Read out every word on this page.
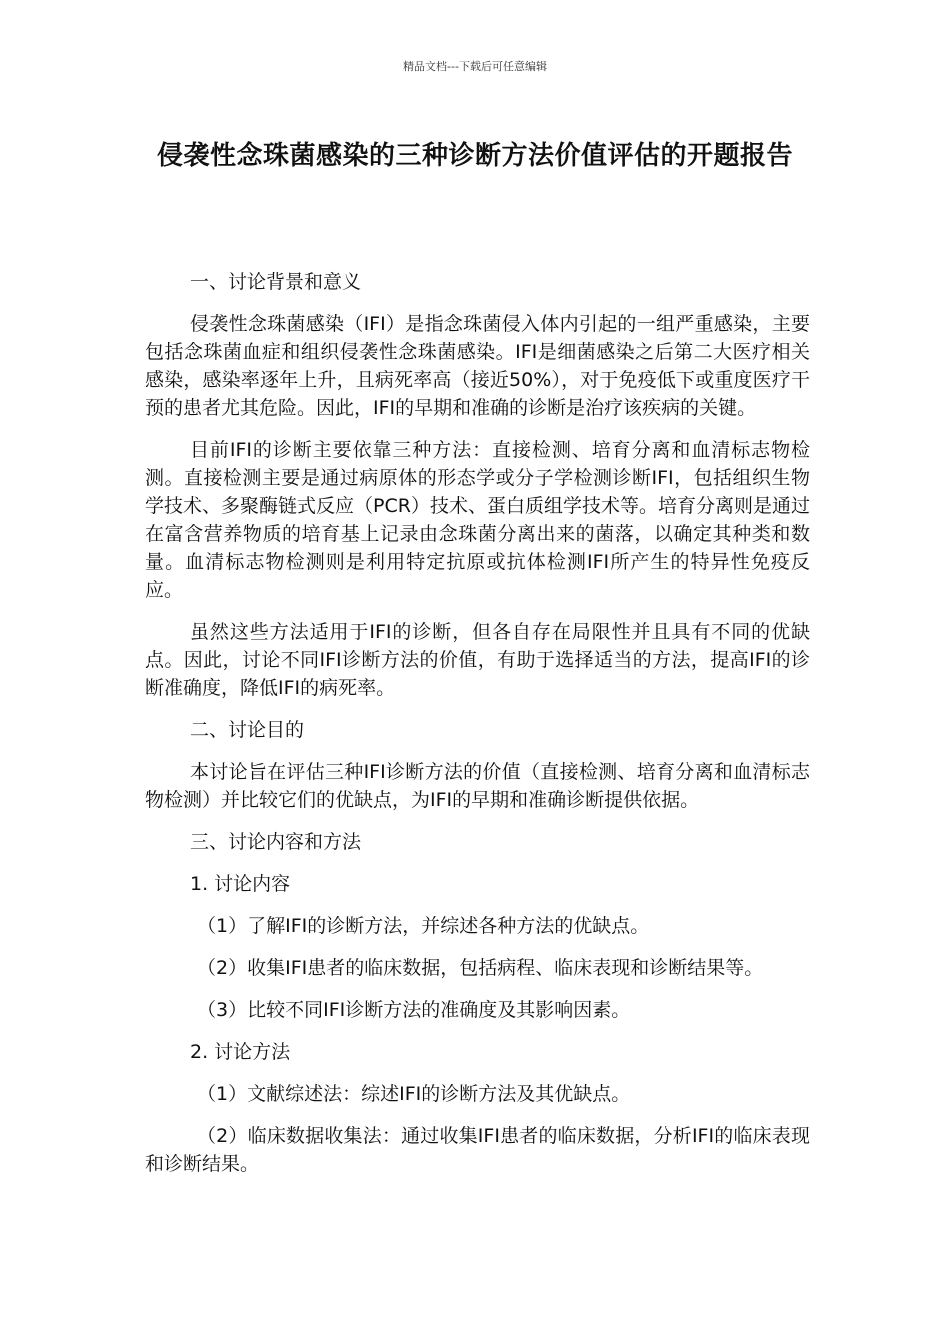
精品文档---下载后可任意编辑
侵袭性念珠菌感染的三种诊断方法价值评估的开题报告

一、讨论背景和意义

侵袭性念珠菌感染（IFI）是指念珠菌侵入体内引起的一组严重感染，主要包括念珠菌血症和组织侵袭性念珠菌感染。IFI是细菌感染之后第二大医疗相关感染，感染率逐年上升，且病死率高（接近50%），对于免疫低下或重度医疗干预的患者尤其危险。因此，IFI的早期和准确的诊断是治疗该疾病的关键。

目前IFI的诊断主要依靠三种方法：直接检测、培育分离和血清标志物检测。直接检测主要是通过病原体的形态学或分子学检测诊断IFI，包括组织生物学技术、多聚酶链式反应（PCR）技术、蛋白质组学技术等。培育分离则是通过在富含营养物质的培育基上记录由念珠菌分离出来的菌落，以确定其种类和数量。血清标志物检测则是利用特定抗原或抗体检测IFI所产生的特异性免疫反应。

虽然这些方法适用于IFI的诊断，但各自存在局限性并且具有不同的优缺点。因此，讨论不同IFI诊断方法的价值，有助于选择适当的方法，提高IFI的诊断准确度，降低IFI的病死率。

二、讨论目的

本讨论旨在评估三种IFI诊断方法的价值（直接检测、培育分离和血清标志物检测）并比较它们的优缺点，为IFI的早期和准确诊断提供依据。

三、讨论内容和方法

1. 讨论内容

（1）了解IFI的诊断方法，并综述各种方法的优缺点。

（2）收集IFI患者的临床数据，包括病程、临床表现和诊断结果等。

（3）比较不同IFI诊断方法的准确度及其影响因素。

2. 讨论方法

（1）文献综述法：综述IFI的诊断方法及其优缺点。

（2）临床数据收集法：通过收集IFI患者的临床数据，分析IFI的临床表现和诊断结果。
